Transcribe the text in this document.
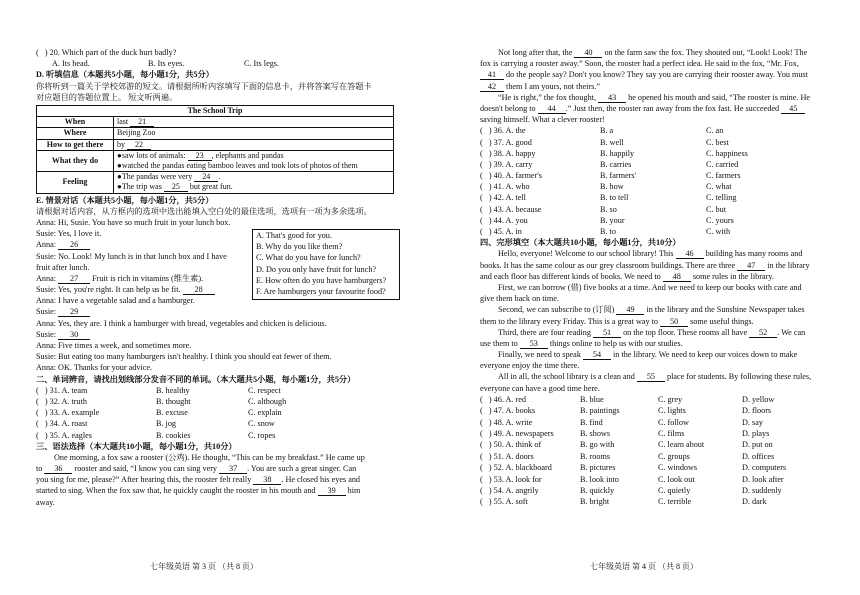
(   ) 20. Which part of the duck hurt badly?
A. Its head.	B. Its eyes.	C. Its legs.
D. 听填信息（本题共5小题，每小题1分，共5分）
你将听到一篇关于学校郊游的短文。请根据所听内容填写下面的信息卡，并将答案写在答题卡
对应题目的答题位置上。 短文听两遍。
The School Trip	
When	last 21
Where	Beijing Zoo
How to get there	by 22
What they do	●saw lots of animals: 23 , elephants and pandas
●watched the pandas eating bamboo leaves and took lots of photos of them

Feeling	●The pandas were very 24 .
●The trip was 25 but great fun.
E. 情景对话（本题共5小题，每小题1分，共5分）
请根据对话内容，从方框内的选项中选出能填入空白处的最佳选项，选项有一项为多余选项。
A. That's good for you.
B. Why do you like them?
C. What do you have for lunch?
D. Do you only have fruit for lunch?
E. How often do you have hamburgers?
F. Are hamburgers your favourite food?
Anna: Hi, Susie. You have so much fruit in your lunch box.
Susie: Yes, I love it.
Anna: 26
Susie: No. Look! My lunch is in that lunch box and I have
fruit after lunch.
Anna: 27 Fruit is rich in vitamins (维生素).
Susie: Yes, you're right. It can help us be fit. 28
Anna: I have a vegetable salad and a hamburger.
Susie: 29
Anna: Yes, they are. I think a hamburger with bread, vegetables and chicken is delicious.
Susie: 30
Anna: Five times a week, and sometimes more.
Susie: But eating too many hamburgers isn't healthy. I think you should eat fewer of them.
Anna: OK. Thanks for your advice.
二、单词辨音，请找出划线部分发音不同的单词。（本大题共5小题，每小题1分，共5分）
(   ) 31. A. team	B. healthy	C. respect
(   ) 32. A. truth	B. thought	C. although
(   ) 33. A. example	B. excuse	C. explain
(   ) 34. A. roast	B. jog	C. snow
(   ) 35. A. eagles	B. cookies	C. ropes
三、语法选择（本大题共10小题，每小题1分，共10分）
One morning, a fox saw a rooster (公鸡). He thought, “This can be my breakfast.” He came up
to 36 rooster and said, “I know you can sing very 37 . You are such a great singer. Can
you sing for me, please?” After hearing this, the rooster felt really 38 . He closed his eyes and
started to sing. When the fox saw that, he quickly caught the rooster in his mouth and 39 him
away.
七年级英语 第 3 页 （共 8 页）
Not long after that, the 40 on the farm saw the fox. They shouted out, “Look! Look! The
fox is carrying a rooster away.” Soon, the rooster had a perfect idea. He said to the fox, “Mr. Fox,
41 do the people say? Don't you know? They say you are carrying their rooster away. You must
42 them I am yours, not theirs.”
“He is right,” the fox thought, 43 he opened his mouth and said, “The rooster is mine. He
doesn't belong to 44 .” Just then, the rooster ran away from the fox fast. He succeeded 45
saving himself. What a clever rooster!
(   ) 36. A. the	B. a	C. an
(   ) 37. A. good	B. well	C. best
(   ) 38. A. happy	B. happily	C. happiness
(   ) 39. A. carry	B. carries	C. carried
(   ) 40. A. farmer's	B. farmers'	C. farmers
(   ) 41. A. who	B. how	C. what
(   ) 42. A. tell	B. to tell	C. telling
(   ) 43. A. because	B. so	C. but
(   ) 44. A. you	B. your	C. yours
(   ) 45. A. in	B. to	C. with
四、完形填空（本大题共10小题，每小题1分，共10分）
Hello, everyone! Welcome to our school library! This 46 building has many rooms and
books. It has the same colour as our grey classroom buildings. There are three 47 in the library
and each floor has different kinds of books. We need to 48 some rules in the library.
First, we can borrow (借) five books at a time. And we need to keep our books with care and
give them back on time.
Second, we can subscribe to (订阅) 49 in the library and the Sunshine Newspaper takes
them to the library every Friday. This is a great way to 50 some useful things.
Third, there are four reading 51 on the top floor. These rooms all have 52 . We can
use them to 53 things online to help us with our studies.
Finally, we need to speak 54 in the library. We need to keep our voices down to make
everyone enjoy the time there.
All in all, the school library is a clean and 55 place for students. By following these rules,
everyone can have a good time here.
(   ) 46. A. red	B. blue	C. grey	D. yellow
(   ) 47. A. books	B. paintings	C. lights	D. floors
(   ) 48. A. write	B. find	C. follow	D. say
(   ) 49. A. newspapers	B. shows	C. films	D. plays
(   ) 50. A. think of	B. go with	C. learn about	D. put on
(   ) 51. A. doors	B. rooms	C. groups	D. offices
(   ) 52. A. blackboard	B. pictures	C. windows	D. computers
(   ) 53. A. look for	B. look into	C. look out	D. look after
(   ) 54. A. angrily	B. quickly	C. quietly	D. suddenly
(   ) 55. A. soft	B. bright	C. terrible	D. dark
七年级英语 第 4 页 （共 8 页）
